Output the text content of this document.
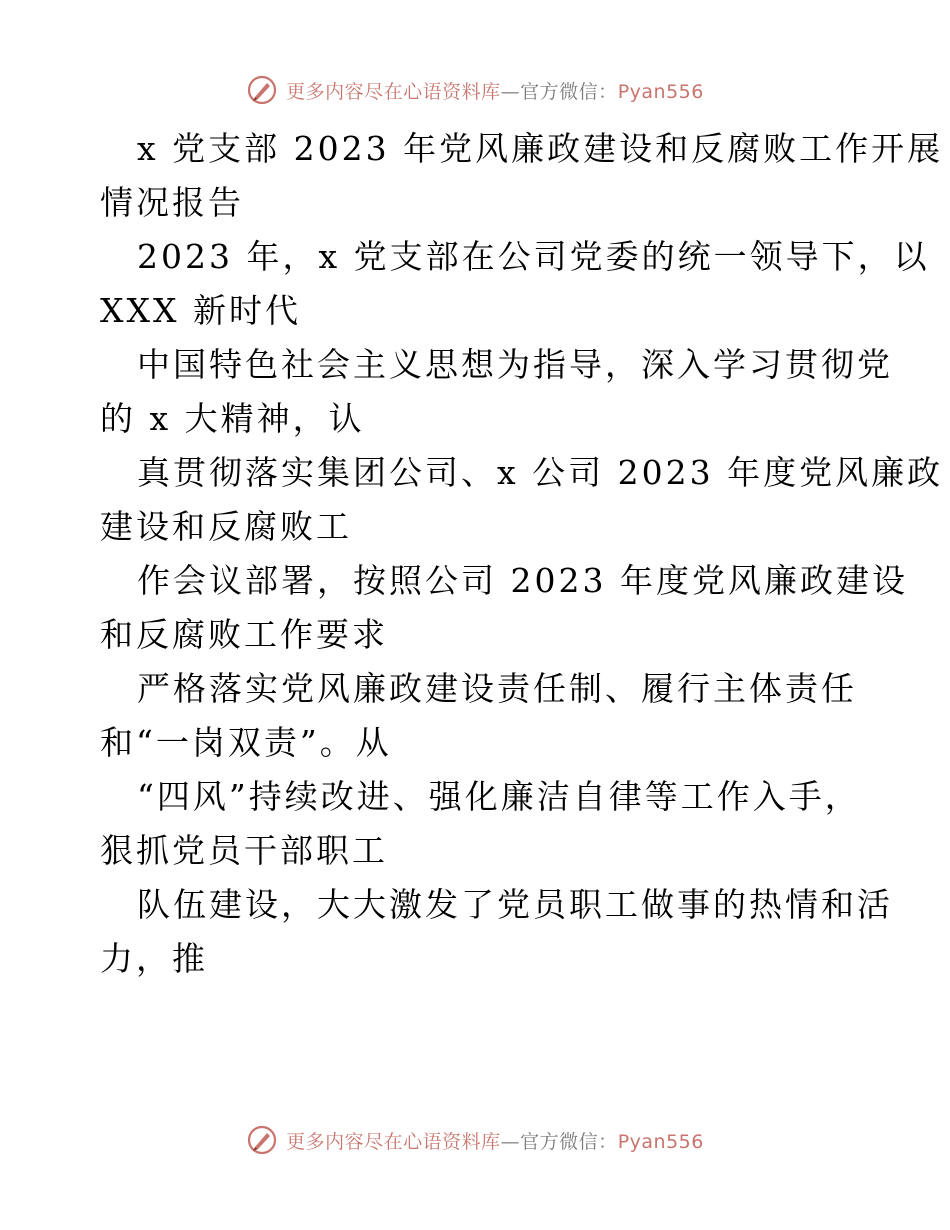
更多内容尽在心语资料库—官方微信：Pyan556

x 党支部 2023 年党风廉政建设和反腐败工作开展
情况报告

2023 年，x 党支部在公司党委的统一领导下，以
XXX 新时代

中国特色社会主义思想为指导，深入学习贯彻党
的 x 大精神，认

真贯彻落实集团公司、x 公司 2023 年度党风廉政
建设和反腐败工

作会议部署，按照公司 2023 年度党风廉政建设
和反腐败工作要求

严格落实党风廉政建设责任制、履行主体责任
和“一岗双责”。从

“四风”持续改进、强化廉洁自律等工作入手，
狠抓党员干部职工

队伍建设，大大激发了党员职工做事的热情和活
力，推

更多内容尽在心语资料库—官方微信：Pyan556
